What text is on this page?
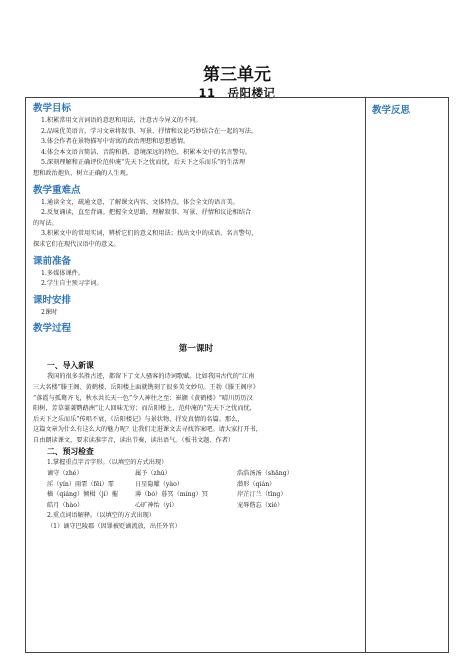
第三单元
11　岳阳楼记
教学目标
1.积累常用文言词语的意思和用法，注意古今异义的不同。
2.品味优美语言，学习文章将叙事、写景、抒情和议论巧妙结合在一起的写法。
3.体会作者在景物描写中寄寓的政治理想和思想感情。
4.体会本文语言简洁、音韵和谐、意境深远的特色，积累本文中的名言警句。
5.深刻理解和正确评价范仲淹“先天下之忧而忧，后天下之乐而乐”的生活理
想和政治抱负，树立正确的人生观。
教学重难点
1.通读全文，疏通文意，了解课文内容、文体特点，体会全文的语言美。
2.反复诵读，直至背诵。把握全文思路，理解叙事、写景、抒情和议论相结合
的写法。
3.积累文中的常用实词，辨析它们的意义和用法；找出文中的成语、名言警句，
探求它们在现代汉语中的意义。
课前准备
1.多媒体课件。
2.学生自主预习字词。
课时安排
2课时
教学过程
第一课时
一、导入新课
我国的很多名胜古迹，都留下了文人骚客的诗词歌赋。比如我国古代的“江南
三大名楼”滕王阁、黄鹤楼、岳阳楼上面就镌刻了很多美文妙句。王勃《滕王阁序》
“落霞与孤鹜齐飞，秋水共长天一色”令人神往之至；崔颢《黄鹤楼》“晴川历历汉
阳树，芳草萋萋鹦鹉洲”让人回味无穷；而岳阳楼上，范仲淹的“先天下之忧而忧，
后天下之乐而乐”传唱不衰，《岳阳楼记》与景状物，抒发真情的名篇。那么，
这篇文章为什么有这么大的魅力呢？让我们走进课文去寻找答案吧。请大家打开书，
自由朗读课文，要求读准字音，读出节奏，读出语气。（板书文题、作者）
二、预习检查
1.掌握重点字音字形。（以填空的方式出现）
谪守（zhé）	属予（zhǔ）	浩浩汤汤（shāng）
淫（yín）雨霏（fēi）霏	日星隐曜（yào）	潜形（qián）
樯（qiáng）倾楫（jí）摧	薄（bó）暮冥（míng）冥	岸芷汀兰（tīng）
皓月（hào）	心旷神怡（yí）	宠辱偕忘（xié）
2.重点词语解释。（以填空的方式出现）
（1）谪守巴陵郡（因罪被贬谪流放，出任外官）
教学反思
